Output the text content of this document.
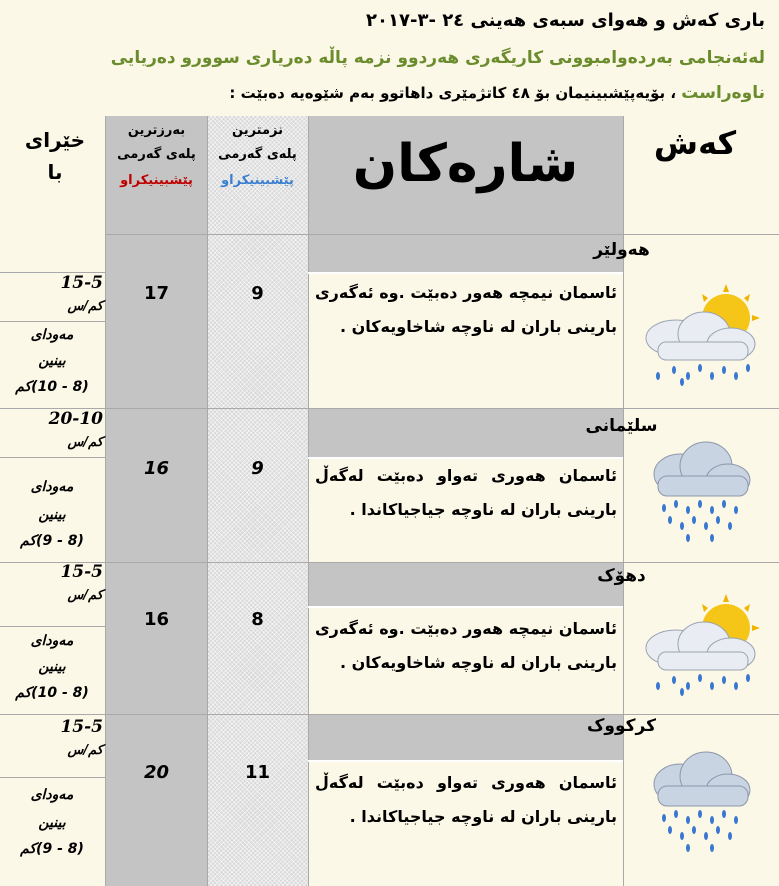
باری کەش و هەوای سبەی هەینی ٢٤ -٣-٢٠١٧
لەئەنجامی بەردەوامبوونی کاریگەری هەردوو نزمە پاڵە دەریاری سوورو دەریایی
ناوەراست ، بۆیەپێشبینیمان بۆ ٤٨ کاتژمێری داهاتوو بەم شێوەیە دەبێت :
کەش
شارەکان
نزمترین
پلەی گەرمی
پێشبینیکراو
بەرزترین
پلەی گەرمی
پێشبینیکراو
خێرای
با
هەولێر
ئاسمان نیمچە هەور دەبێت .وە ئەگەری بارینی باران لە ناوچە شاخاویەکان .
9
17
15-5
کم/س
مەودای
بینین
(8 - 10)کم
سلێمانی
ئاسمان هەوری تەواو دەبێت لەگەڵ بارینی باران لە ناوچە جیاجیاکاندا .
9
16
20-10
کم/س
مەودای
بینین
(8 - 9)کم
دهۆک
ئاسمان نیمچە هەور دەبێت .وە ئەگەری بارینی باران لە ناوچە شاخاویەکان .
8
16
15-5
کم/س
مەودای
بینین
(8 - 10)کم
کرکووک
ئاسمان هەوری تەواو دەبێت لەگەڵ بارینی باران لە ناوچە جیاجیاکاندا .
11
20
15-5
کم/س
مەودای
بینین
(8 - 9)کم
